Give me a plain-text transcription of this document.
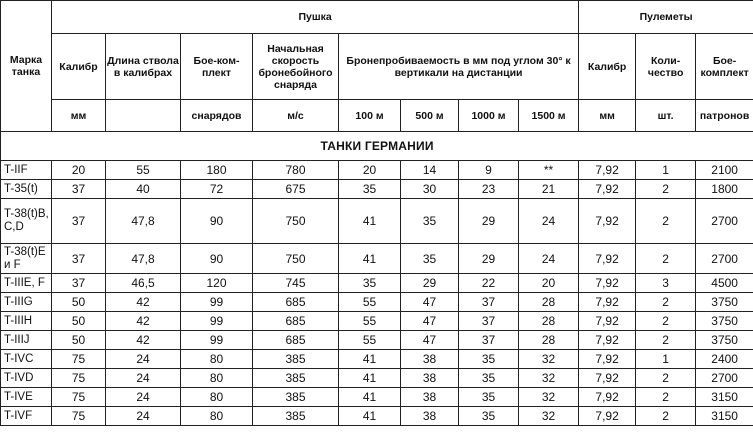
Марка танка	Пушка								Пулеметы		
	Калибр	Длина ствола в калибрах	Бое-ком-плект	Начальная скорость бронебойного снаряда	Бронепробиваемость в мм под углом 30° к вертикали на дистанции				Калибр	Коли-чество	Бое-комплект
	мм		снарядов	м/с	100 м	500 м	1000 м	1500 м	мм	шт.	патронов
ТАНКИ ГЕРМАНИИ											
T-IIF	20	55	180	780	20	14	9	**	7,92	1	2100
T-35(t)	37	40	72	675	35	30	23	21	7,92	2	1800
T-38(t)B, C,D	37	47,8	90	750	41	35	29	24	7,92	2	2700
T-38(t)E и F	37	47,8	90	750	41	35	29	24	7,92	2	2700
T-IIIE, F	37	46,5	120	745	35	29	22	20	7,92	3	4500
T-IIIG	50	42	99	685	55	47	37	28	7,92	2	3750
T-IIIH	50	42	99	685	55	47	37	28	7,92	2	3750
T-IIIJ	50	42	99	685	55	47	37	28	7,92	2	3750
T-IVC	75	24	80	385	41	38	35	32	7,92	1	2400
T-IVD	75	24	80	385	41	38	35	32	7,92	2	2700
T-IVE	75	24	80	385	41	38	35	32	7,92	2	3150
T-IVF	75	24	80	385	41	38	35	32	7,92	2	3150
